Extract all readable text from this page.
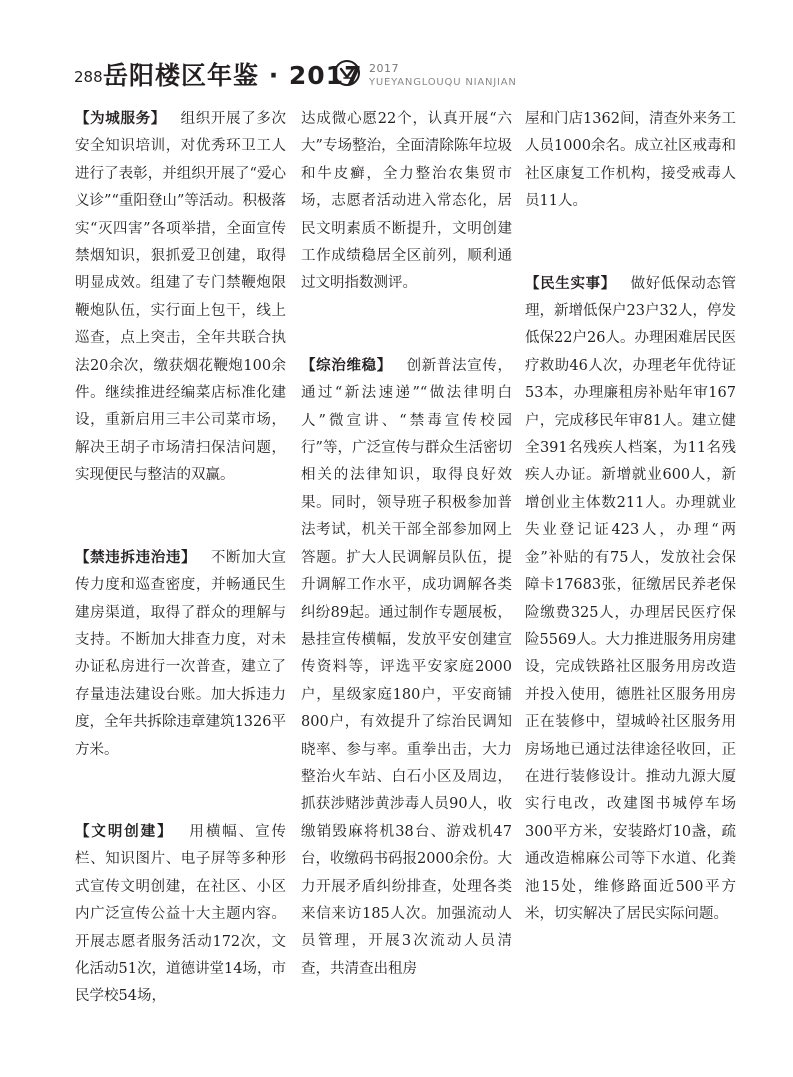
288 岳阳楼区年鉴 · 2017 2017
YUEYANGLOUQU NIANJIAN

【为城服务】 组织开展了多次安全知识培训，对优秀环卫工人进行了表彰，并组织开展了“爱心义诊”“重阳登山”等活动。积极落实“灭四害”各项举措，全面宣传禁烟知识，狠抓爱卫创建，取得明显成效。组建了专门禁鞭炮限鞭炮队伍，实行面上包干，线上巡查，点上突击，全年共联合执法20余次，缴获烟花鞭炮100余件。继续推进经编菜店标准化建设，重新启用三丰公司菜市场，解决王胡子市场清扫保洁问题，实现便民与整洁的双赢。

【禁违拆违治违】 不断加大宣传力度和巡查密度，并畅通民生建房渠道，取得了群众的理解与支持。不断加大排查力度，对未办证私房进行一次普查，建立了存量违法建设台账。加大拆违力度，全年共拆除违章建筑1326平方米。

【文明创建】 用横幅、宣传栏、知识图片、电子屏等多种形式宣传文明创建，在社区、小区内广泛宣传公益十大主题内容。开展志愿者服务活动172次，文化活动51次，道德讲堂14场，市民学校54场，

达成微心愿22个，认真开展“六大”专场整治，全面清除陈年垃圾和牛皮癣，全力整治农集贸市场，志愿者活动进入常态化，居民文明素质不断提升，文明创建工作成绩稳居全区前列，顺利通过文明指数测评。

【综治维稳】 创新普法宣传，通过“新法速递”“做法律明白人”微宣讲、“禁毒宣传校园行”等，广泛宣传与群众生活密切相关的法律知识，取得良好效果。同时，领导班子积极参加普法考试，机关干部全部参加网上答题。扩大人民调解员队伍，提升调解工作水平，成功调解各类纠纷89起。通过制作专题展板，悬挂宣传横幅，发放平安创建宣传资料等，评选平安家庭2000户，星级家庭180户，平安商铺800户，有效提升了综治民调知晓率、参与率。重拳出击，大力整治火车站、白石小区及周边，抓获涉赌涉黄涉毒人员90人，收缴销毁麻将机38台、游戏机47台，收缴码书码报2000余份。大力开展矛盾纠纷排查，处理各类来信来访185人次。加强流动人员管理，开展3次流动人员清查，共清查出租房

屋和门店1362间，清查外来务工人员1000余名。成立社区戒毒和社区康复工作机构，接受戒毒人员11人。

【民生实事】 做好低保动态管理，新增低保户23户32人，停发低保22户26人。办理困难居民医疗救助46人次，办理老年优待证53本，办理廉租房补贴年审167户，完成移民年审81人。建立健全391名残疾人档案，为11名残疾人办证。新增就业600人，新增创业主体数211人。办理就业失业登记证423人，办理“两金”补贴的有75人，发放社会保障卡17683张，征缴居民养老保险缴费325人，办理居民医疗保险5569人。大力推进服务用房建设，完成铁路社区服务用房改造并投入使用，德胜社区服务用房正在装修中，望城岭社区服务用房场地已通过法律途径收回，正在进行装修设计。推动九源大厦实行电改，改建图书城停车场300平方米，安装路灯10盏，疏通改造棉麻公司等下水道、化粪池15处，维修路面近500平方米，切实解决了居民实际问题。
